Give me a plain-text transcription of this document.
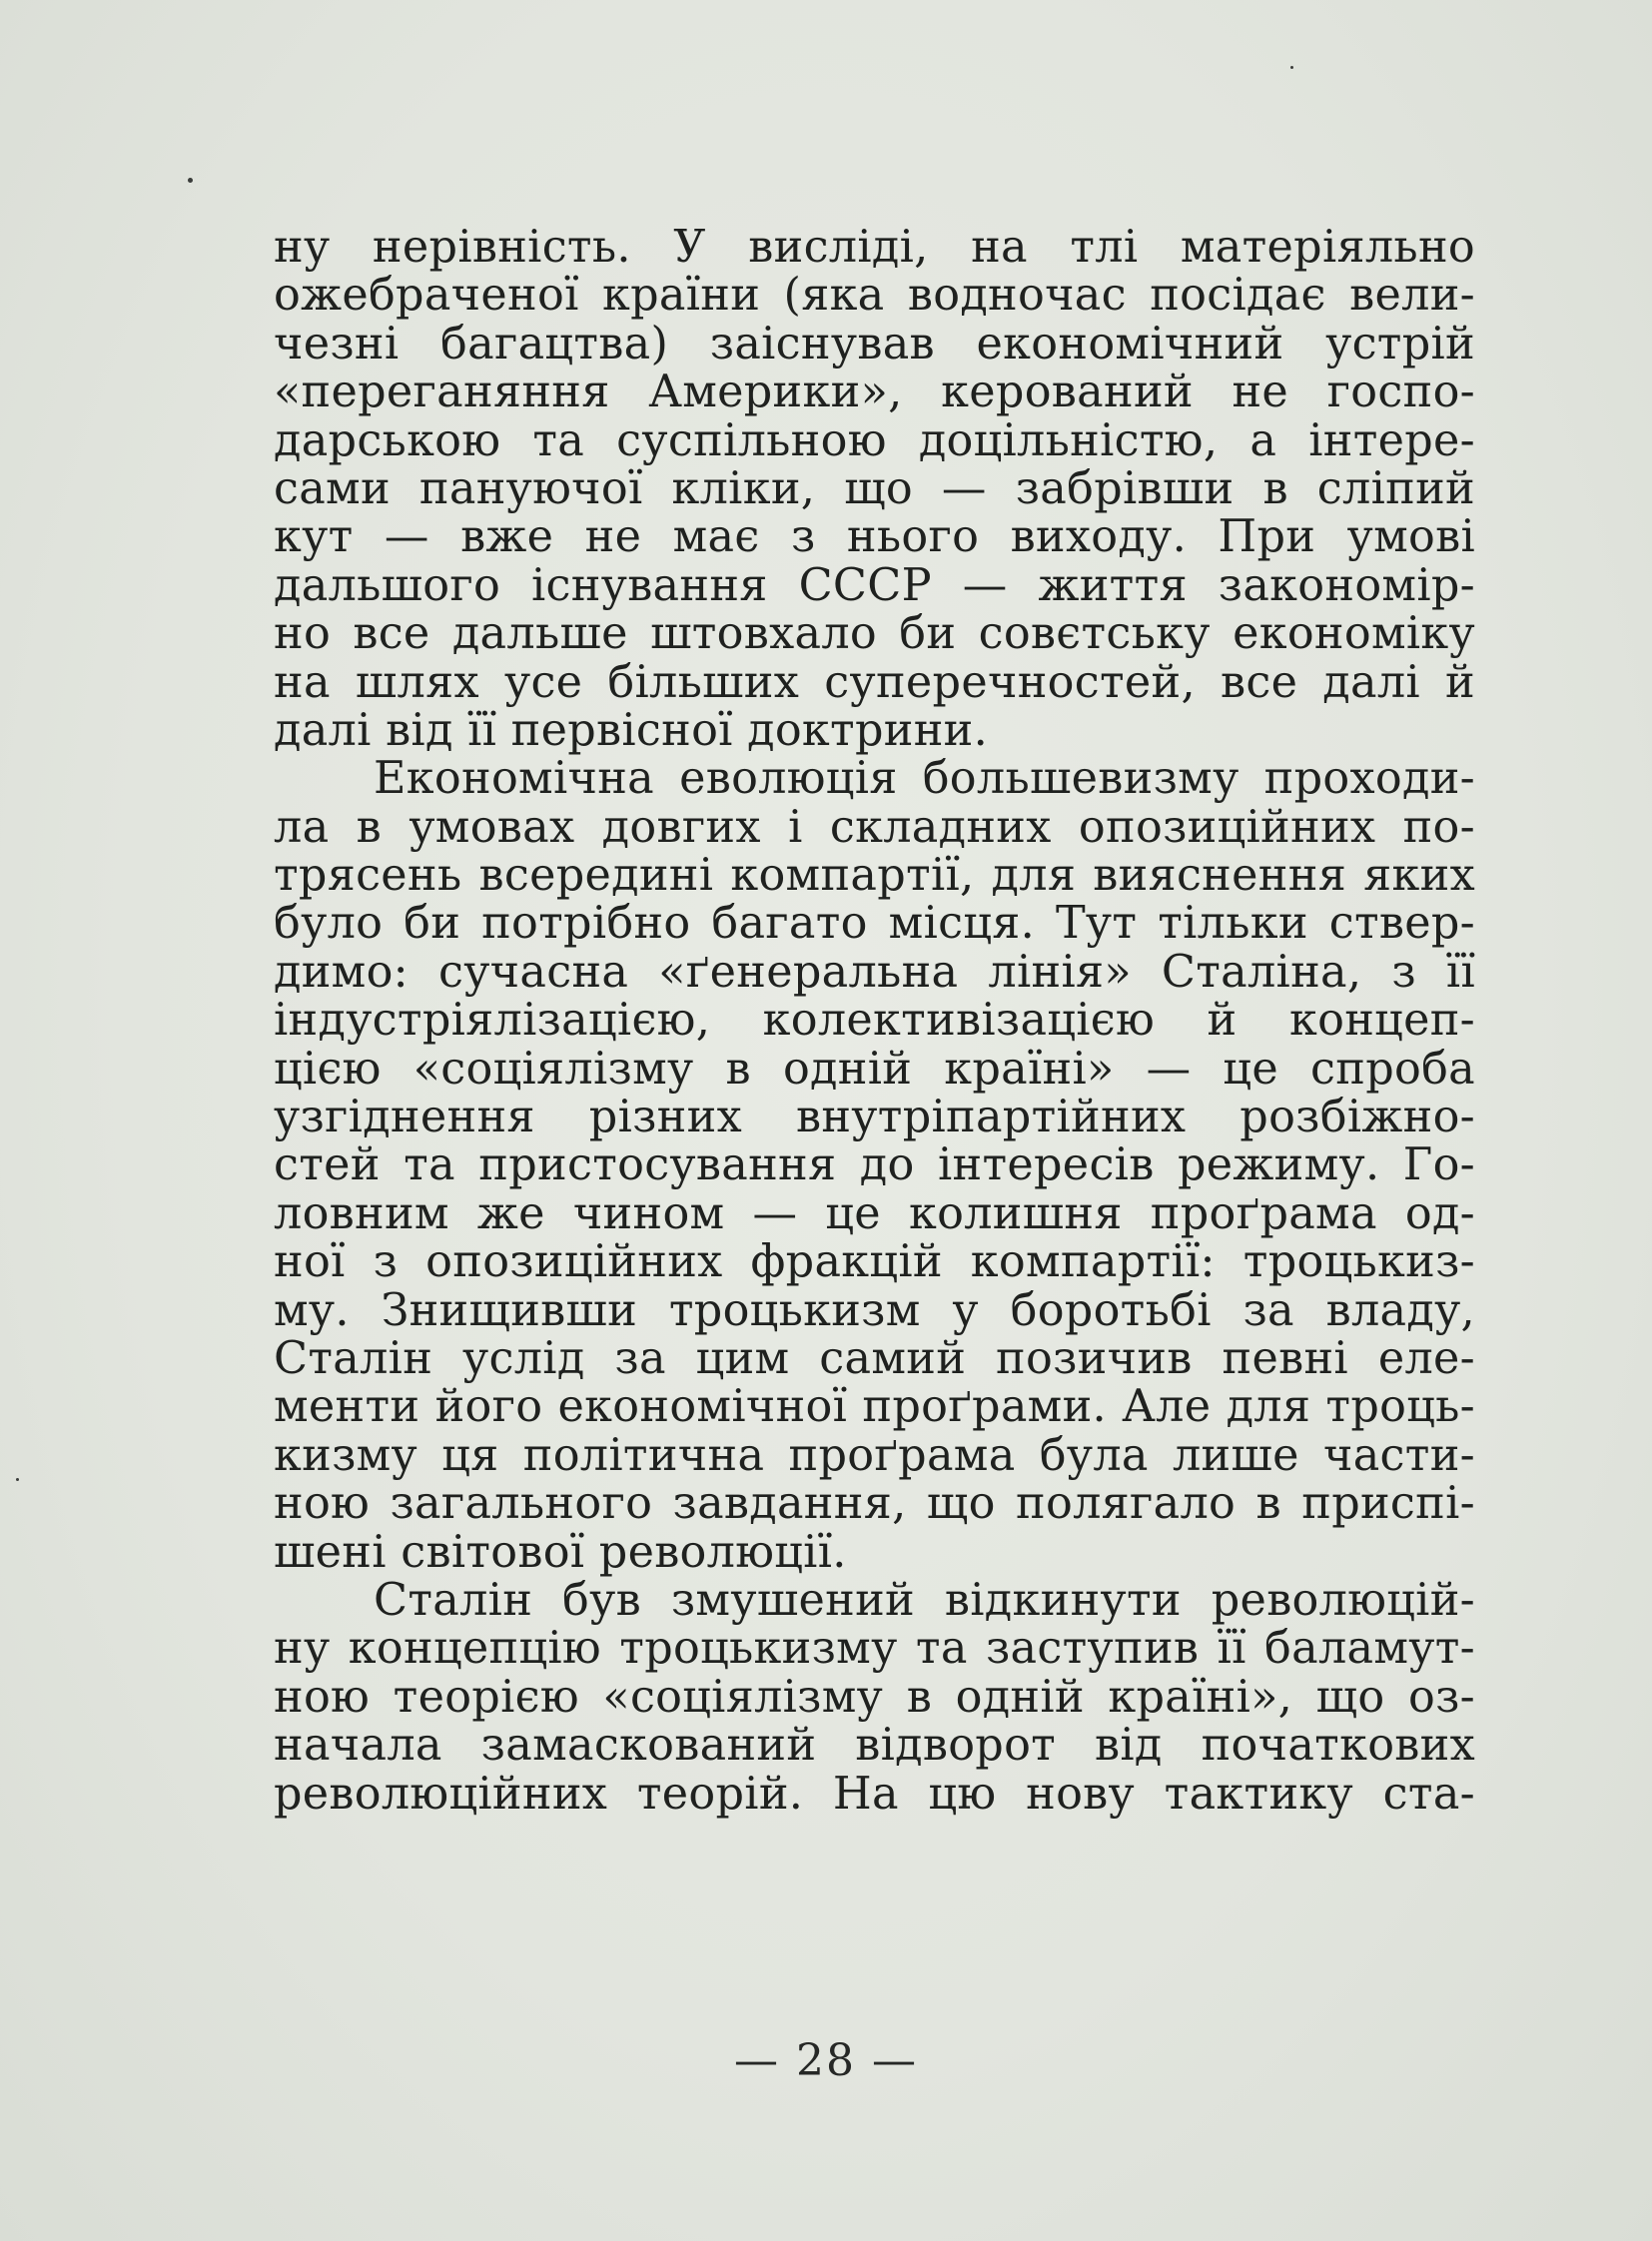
ну нерівність. У висліді, на тлі матеріяльно
ожебраченої країни (яка водночас посідає вели-
чезні багацтва) заіснував економічний устрій
«переганяння Америки», керований не госпо-
дарською та суспільною доцільністю, а інтере-
сами пануючої кліки, що — забрівши в сліпий
кут — вже не має з нього виходу. При умові
дальшого існування СССР — життя закономір-
но все дальше штовхало би совєтську економіку
на шлях усе більших суперечностей, все далі й
далі від її первісної доктрини.
Економічна еволюція большевизму проходи-
ла в умовах довгих і складних опозиційних по-
трясень всередині компартії, для вияснення яких
було би потрібно багато місця. Тут тільки ствер-
димо: сучасна «ґенеральна лінія» Сталіна, з її
індустріялізацією, колективізацією й концеп-
цією «соціялізму в одній країні» — це спроба
узгіднення різних внутріпартійних розбіжно-
стей та пристосування до інтересів режиму. Го-
ловним же чином — це колишня проґрама од-
ної з опозиційних фракцій компартії: троцькиз-
му. Знищивши троцькизм у боротьбі за владу,
Сталін услід за цим самий позичив певні еле-
менти його економічної проґрами. Але для троць-
кизму ця політична проґрама була лише части-
ною загального завдання, що полягало в приспі-
шені світової революції.
Сталін був змушений відкинути революцій-
ну концепцію троцькизму та заступив її баламут-
ною теорією «соціялізму в одній країні», що оз-
начала замаскований відворот від початкових
революційних теорій. На цю нову тактику ста-
— 28 —
